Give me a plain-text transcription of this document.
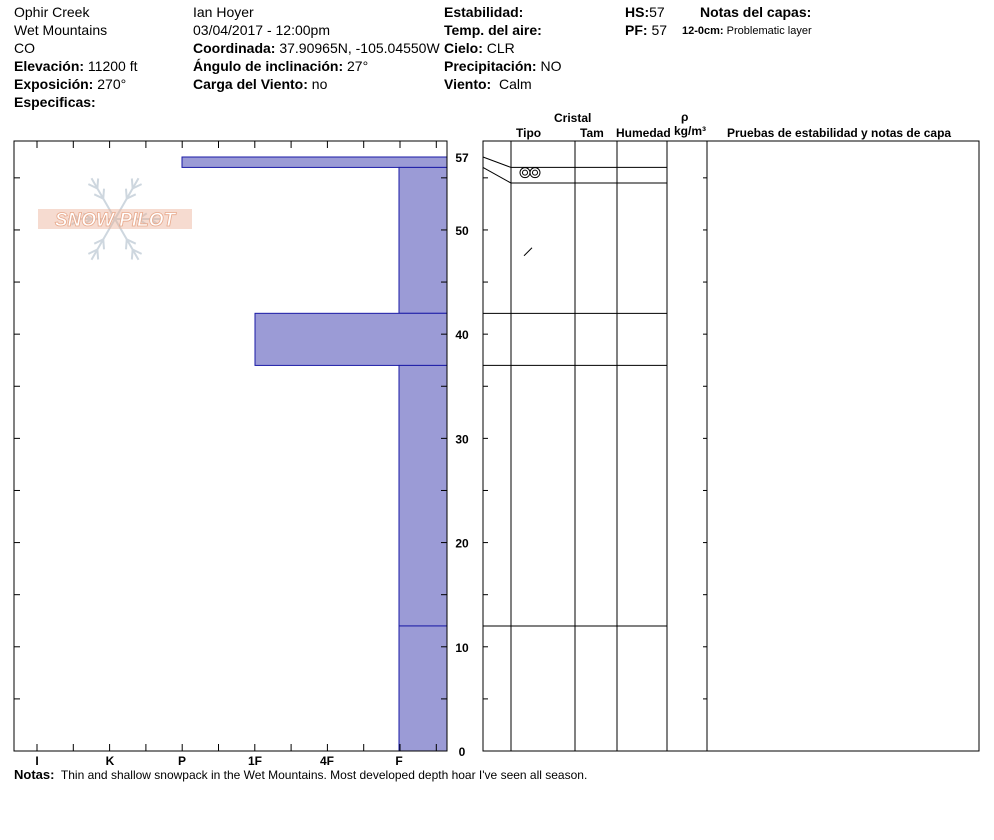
Ophir Creek
Wet Mountains
CO
Elevación: 11200 ft
Exposición: 270°
Especificas:
Ian Hoyer
03/04/2017 - 12:00pm
Coordinada: 37.90965N, -105.04550W
Ángulo de inclinación: 27°
Carga del Viento: no
Estabilidad:
Temp. del aire:
Cielo: CLR
Precipitación: NO
Viento: Calm
HS:57
PF: 57
Notas del capas:
12-0cm: Problematic layer
Cristal
Tipo	Tam Humedad
ρ
kg/m³ Pruebas de estabilidad y notas de capa
SNOW PILOT
I	K	P	1F	4F	F
0
10
20
30
40
50
57
Notas: Thin and shallow snowpack in the Wet Mountains. Most developed depth hoar I've seen all season.
